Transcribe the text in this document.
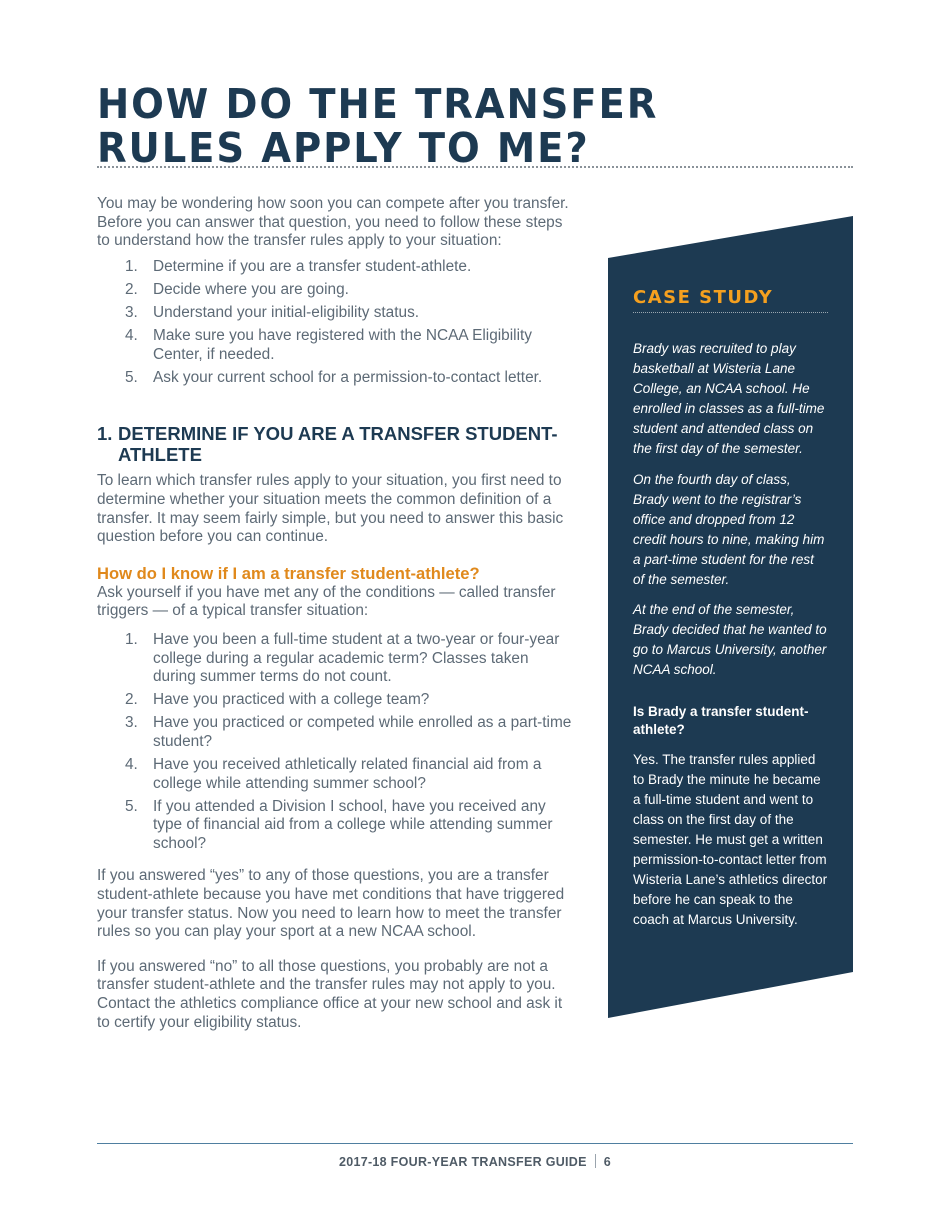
HOW DO THE TRANSFER
RULES APPLY TO ME?

You may be wondering how soon you can compete after you transfer. Before you can answer that question, you need to follow these steps to understand how the transfer rules apply to your situation:

1. Determine if you are a transfer student-athlete.
2. Decide where you are going.
3. Understand your initial-eligibility status.
4. Make sure you have registered with the NCAA Eligibility Center, if needed.
5. Ask your current school for a permission-to-contact letter.
1. DETERMINE IF YOU ARE A TRANSFER STUDENT-ATHLETE

To learn which transfer rules apply to your situation, you first need to determine whether your situation meets the common definition of a transfer. It may seem fairly simple, but you need to answer this basic question before you can continue.

How do I know if I am a transfer student-athlete?

Ask yourself if you have met any of the conditions — called transfer triggers — of a typical transfer situation:

1. Have you been a full-time student at a two-year or four-year college during a regular academic term? Classes taken during summer terms do not count.
2. Have you practiced with a college team?
3. Have you practiced or competed while enrolled as a part-time student?
4. Have you received athletically related financial aid from a college while attending summer school?
5. If you attended a Division I school, have you received any type of financial aid from a college while attending summer school?

If you answered “yes” to any of those questions, you are a transfer student-athlete because you have met conditions that have triggered your transfer status. Now you need to learn how to meet the transfer rules so you can play your sport at a new NCAA school.

If you answered “no” to all those questions, you probably are not a transfer student-athlete and the transfer rules may not apply to you. Contact the athletics compliance office at your new school and ask it to certify your eligibility status.

CASE STUDY

Brady was recruited to play basketball at Wisteria Lane College, an NCAA school. He enrolled in classes as a full-time student and attended class on the first day of the semester.

On the fourth day of class, Brady went to the registrar’s office and dropped from 12 credit hours to nine, making him a part-time student for the rest of the semester.

At the end of the semester, Brady decided that he wanted to go to Marcus University, another NCAA school.

Is Brady a transfer student-athlete?

Yes. The transfer rules applied to Brady the minute he became a full-time student and went to class on the first day of the semester. He must get a written permission-to-contact letter from Wisteria Lane’s athletics director before he can speak to the coach at Marcus University.

2017-18 FOUR-YEAR TRANSFER GUIDE 6
